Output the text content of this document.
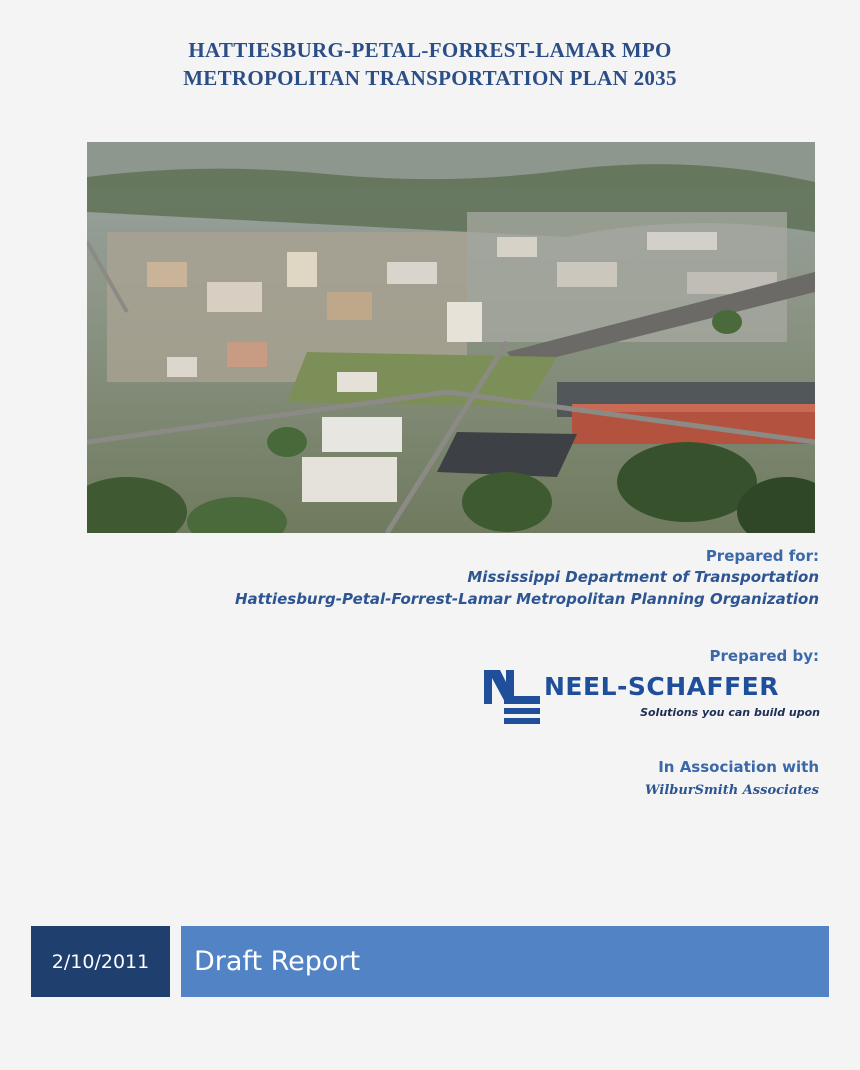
HATTIESBURG-PETAL-FORREST-LAMAR MPO
METROPOLITAN TRANSPORTATION PLAN 2035
Prepared for:
Mississippi Department of Transportation
Hattiesburg-Petal-Forrest-Lamar Metropolitan Planning Organization
Prepared by:
NEEL-SCHAFFER
Solutions you can build upon
In Association with
WilburSmith Associates
2/10/2011	Draft Report
